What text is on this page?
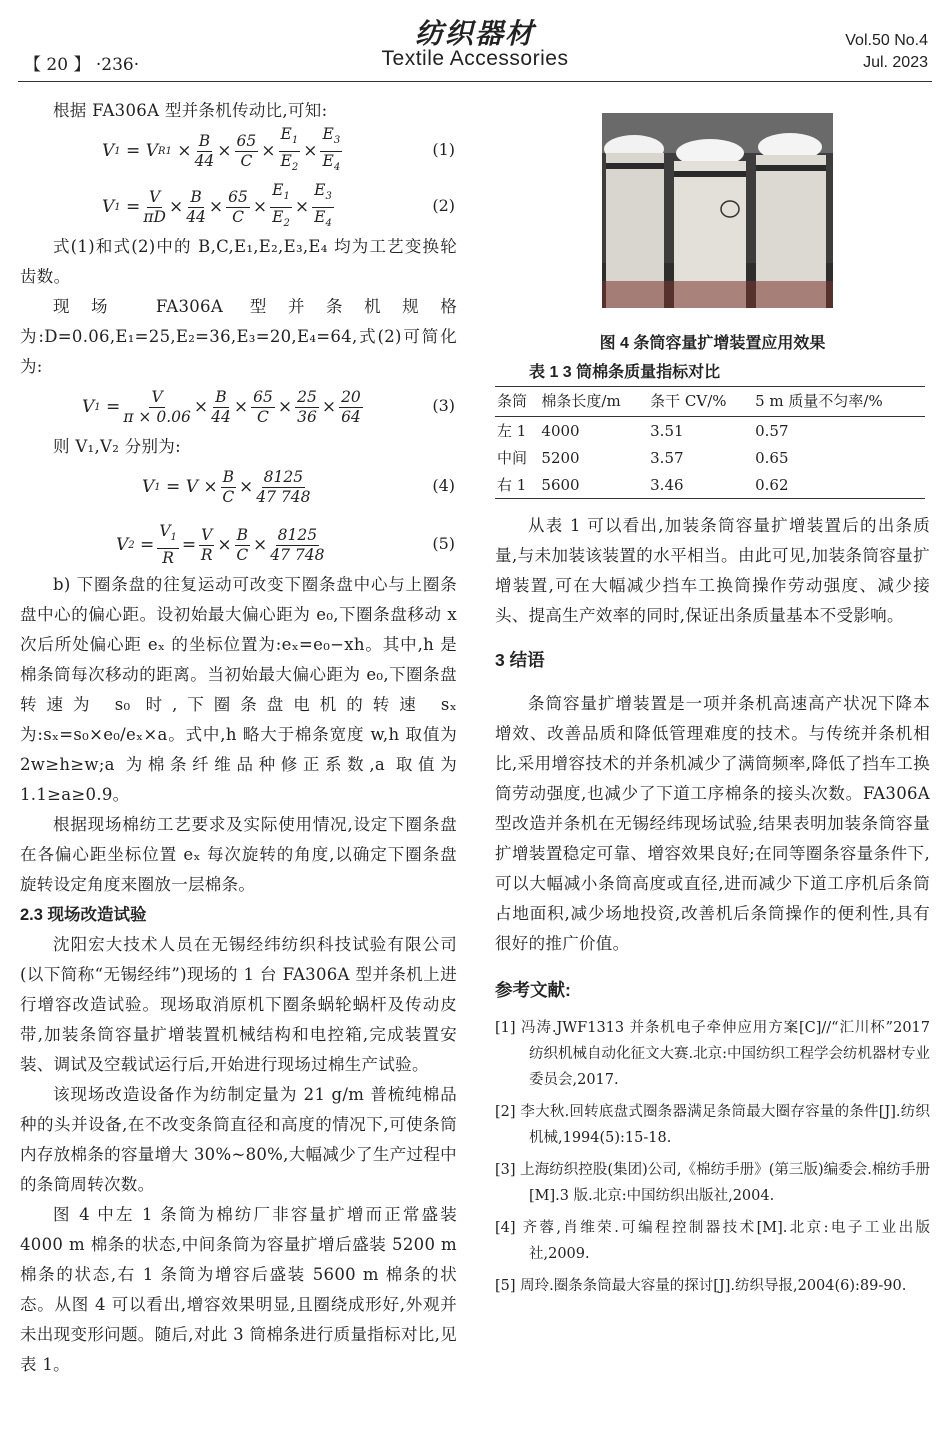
【 20 】 ·236·
纺织器材
Textile Accessories
Vol.50 No.4
Jul. 2023

根据 FA306A 型并条机传动比,可知:

V 1 = V $R1 \times \frac{B}{44} \times \frac{65}{C} \times \frac{E_1}{E_2} \times \frac{E_3}{E_4}$	(1)
V $1 = \frac{V}{\pi D} \times \frac{B}{44} \times \frac{65}{C} \times \frac{E_1}{E_2} \times \frac{E_3}{E_4}$	(2)

式(1)和式(2)中的 B,C,E₁,E₂,E₃,E₄ 均为工艺变换轮齿数。

现场 FA306A 型并条机规格为:D=0.06,E₁=25,E₂=36,E₃=20,E₄=64,式(2)可简化为:

V $1 = \frac{V}{\pi \times 0.06} \times \frac{B}{44} \times \frac{65}{C} \times \frac{25}{36} \times \frac{20}{64}$	(3)

则 V₁,V₂ 分别为:

V $1 = V \times \frac{B}{C} \times \frac{8125}{47 748}$	(4)
V $2 = \frac{V_1}{R} = \frac{V}{R} \times \frac{B}{C} \times \frac{8125}{47 748}$	(5)

b) 下圈条盘的往复运动可改变下圈条盘中心与上圈条盘中心的偏心距。设初始最大偏心距为 e₀,下圈条盘移动 x 次后所处偏心距 eₓ 的坐标位置为:eₓ=e₀−xh。其中,h 是棉条筒每次移动的距离。当初始最大偏心距为 e₀,下圈条盘转速为 s₀ 时,下圈条盘电机的转速 sₓ 为:sₓ=s₀×e₀/eₓ×a。式中,h 略大于棉条宽度 w,h 取值为 2w≥h≥w;a 为棉条纤维品种修正系数,a 取值为 1.1≥a≥0.9。

根据现场棉纺工艺要求及实际使用情况,设定下圈条盘在各偏心距坐标位置 eₓ 每次旋转的角度,以确定下圈条盘旋转设定角度来圈放一层棉条。

2.3 现场改造试验

沈阳宏大技术人员在无锡经纬纺织科技试验有限公司(以下简称“无锡经纬”)现场的 1 台 FA306A 型并条机上进行增容改造试验。现场取消原机下圈条蜗轮蜗杆及传动皮带,加装条筒容量扩增装置机械结构和电控箱,完成装置安装、调试及空载试运行后,开始进行现场过棉生产试验。

该现场改造设备作为纺制定量为 21 g/m 普梳纯棉品种的头并设备,在不改变条筒直径和高度的情况下,可使条筒内存放棉条的容量增大 30%~80%,大幅减少了生产过程中的条筒周转次数。

图 4 中左 1 条筒为棉纺厂非容量扩增而正常盛装 4000 m 棉条的状态,中间条筒为容量扩增后盛装 5200 m 棉条的状态,右 1 条筒为增容后盛装 5600 m 棉条的状态。从图 4 可以看出,增容效果明显,且圈绕成形好,外观并未出现变形问题。随后,对此 3 筒棉条进行质量指标对比,见表 1。

图 4 条筒容量扩增装置应用效果
表 1 3 筒棉条质量指标对比
条筒	棉条长度/m	条干 CV/%	5 m 质量不匀率/%
左 1	4000	3.51	0.57
中间	5200	3.57	0.65
右 1	5600	3.46	0.62

从表 1 可以看出,加装条筒容量扩增装置后的出条质量,与未加装该装置的水平相当。由此可见,加装条筒容量扩增装置,可在大幅减少挡车工换筒操作劳动强度、减少接头、提高生产效率的同时,保证出条质量基本不受影响。

3 结语

条筒容量扩增装置是一项并条机高速高产状况下降本增效、改善品质和降低管理难度的技术。与传统并条机相比,采用增容技术的并条机减少了满筒频率,降低了挡车工换筒劳动强度,也减少了下道工序棉条的接头次数。FA306A 型改造并条机在无锡经纬现场试验,结果表明加装条筒容量扩增装置稳定可靠、增容效果良好;在同等圈条容量条件下,可以大幅减小条筒高度或直径,进而减少下道工序机后条筒占地面积,减少场地投资,改善机后条筒操作的便利性,具有很好的推广价值。

参考文献:
[1] 冯涛.JWF1313 并条机电子牵伸应用方案[C]//“汇川杯”2017 纺织机械自动化征文大赛.北京:中国纺织工程学会纺机器材专业委员会,2017.
[2] 李大秋.回转底盘式圈条器满足条筒最大圈存容量的条件[J].纺织机械,1994(5):15-18.
[3] 上海纺织控股(集团)公司,《棉纺手册》(第三版)编委会.棉纺手册[M].3 版.北京:中国纺织出版社,2004.
[4] 齐蓉,肖维荣.可编程控制器技术[M].北京:电子工业出版社,2009.
[5] 周玲.圈条条筒最大容量的探讨[J].纺织导报,2004(6):89-90.
